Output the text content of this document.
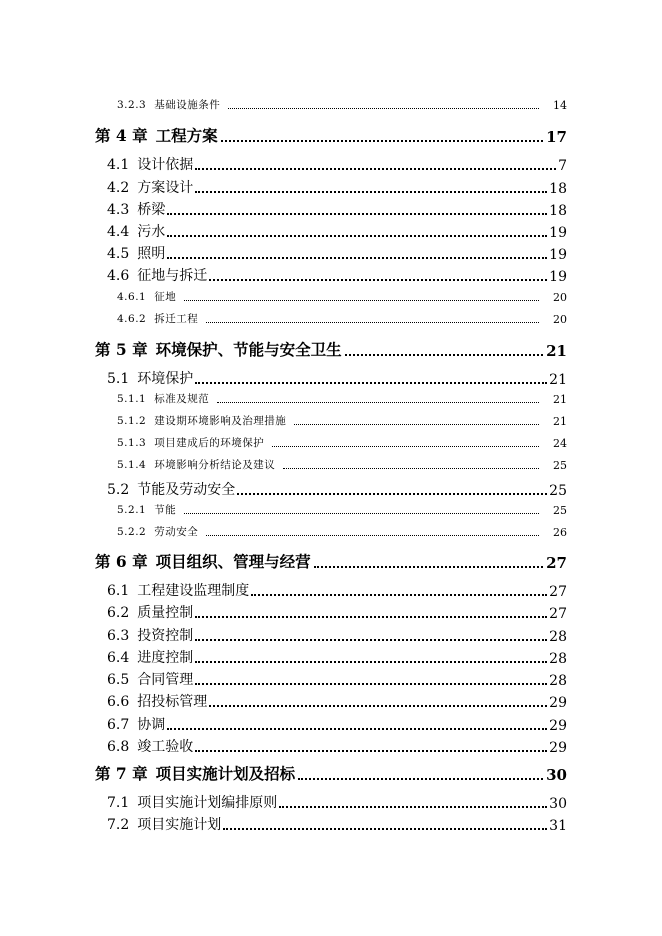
3.2.3 基础设施条件	14
第 4 章 工程方案	17
4.1 设计依据	7
4.2 方案设计	18
4.3 桥梁	18
4.4 污水	19
4.5 照明	19
4.6 征地与拆迁	19
4.6.1 征地	20
4.6.2 拆迁工程	20
第 5 章 环境保护、节能与安全卫生	21
5.1 环境保护	21
5.1.1 标准及规范	21
5.1.2 建设期环境影响及治理措施	21
5.1.3 项目建成后的环境保护	24
5.1.4 环境影响分析结论及建议	25
5.2 节能及劳动安全	25
5.2.1 节能	25
5.2.2 劳动安全	26
第 6 章 项目组织、管理与经营	27
6.1 工程建设监理制度	27
6.2 质量控制	27
6.3 投资控制	28
6.4 进度控制	28
6.5 合同管理	28
6.6 招投标管理	29
6.7 协调	29
6.8 竣工验收	29
第 7 章 项目实施计划及招标	30
7.1 项目实施计划编排原则	30
7.2 项目实施计划	31
